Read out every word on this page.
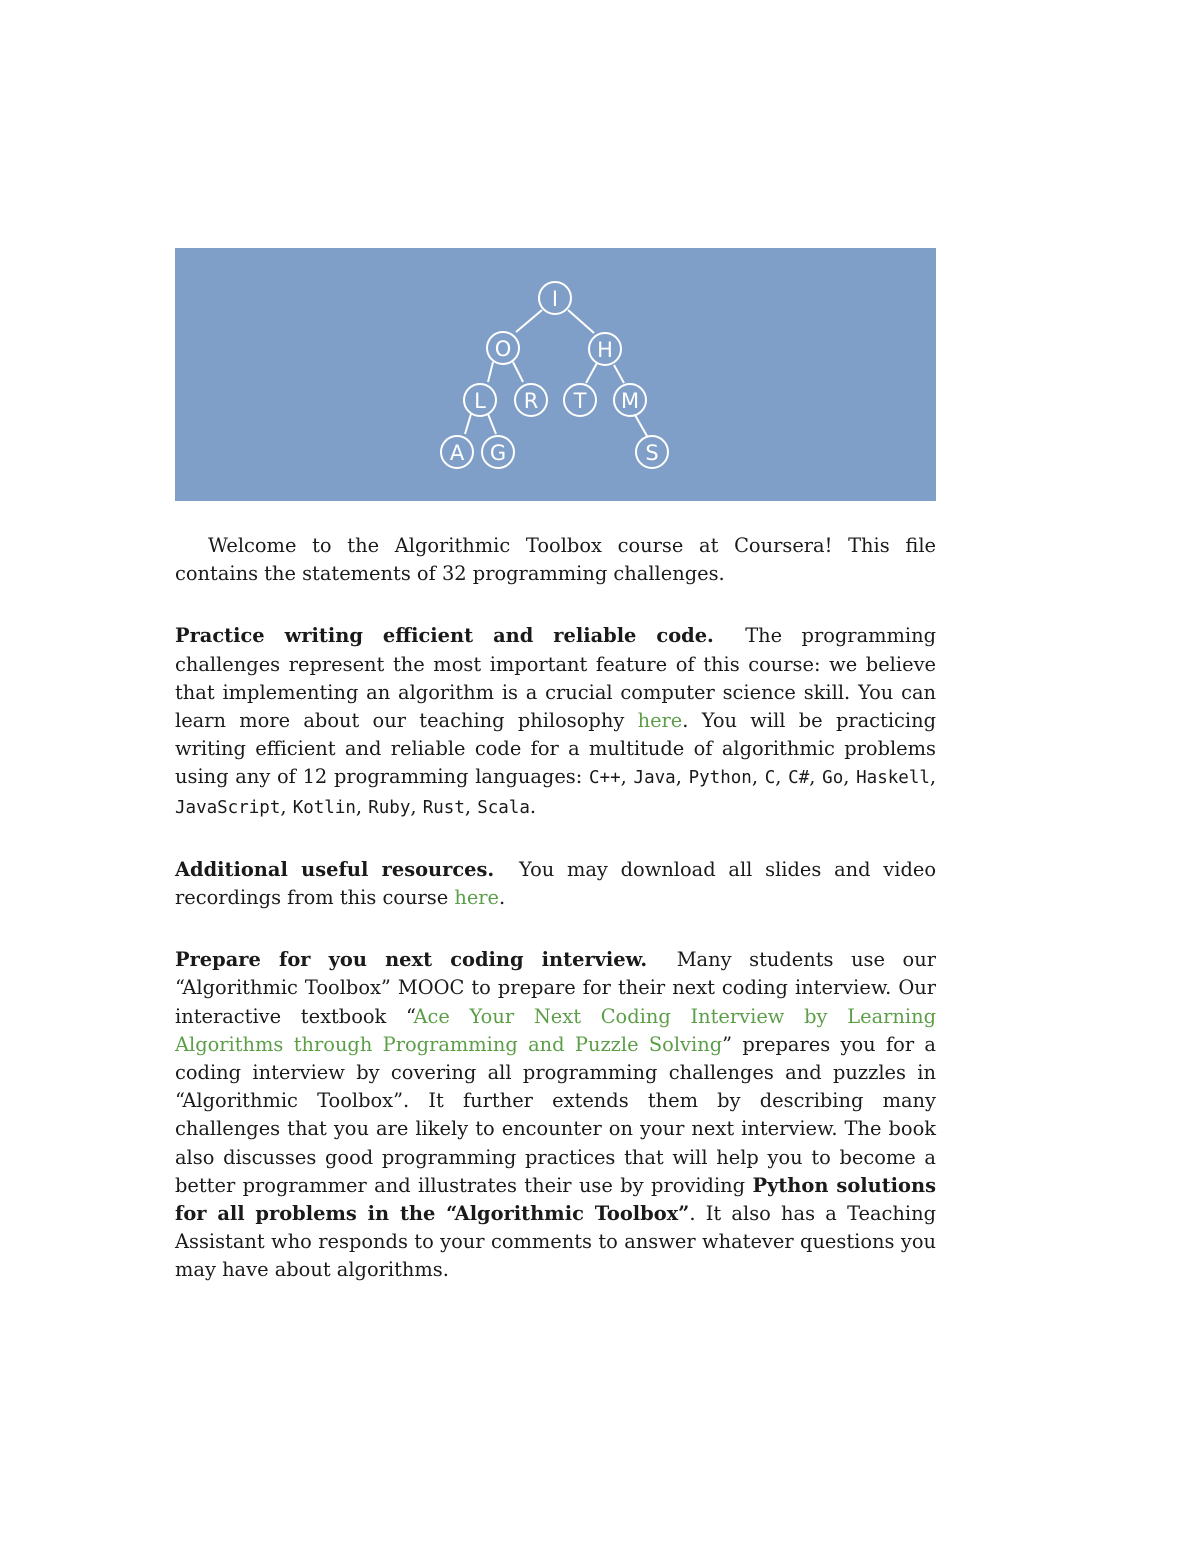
I
O	H
L R T M
A G	S

Welcome to the Algorithmic Toolbox course at Coursera! This file contains the statements of 32 programming challenges.

Practice writing efficient and reliable code. The programming challenges represent the most important feature of this course: we believe that implementing an algorithm is a crucial computer science skill. You can learn more about our teaching philosophy here. You will be practicing writing efficient and reliable code for a multitude of algorithmic problems using any of 12 programming languages: C++, Java, Python, C, C#, Go, Haskell, JavaScript, Kotlin, Ruby, Rust, Scala.

Additional useful resources. You may download all slides and video recordings from this course here.

Prepare for you next coding interview. Many students use our “Algorithmic Toolbox” MOOC to prepare for their next coding interview. Our interactive textbook “Ace Your Next Coding Interview by Learning Algorithms through Programming and Puzzle Solving” prepares you for a coding interview by covering all programming challenges and puzzles in “Algorithmic Toolbox”. It further extends them by describing many challenges that you are likely to encounter on your next interview. The book also discusses good programming practices that will help you to become a better programmer and illustrates their use by providing Python solutions for all problems in the “Algorithmic Toolbox”. It also has a Teaching Assistant who responds to your comments to answer whatever questions you may have about algorithms.
